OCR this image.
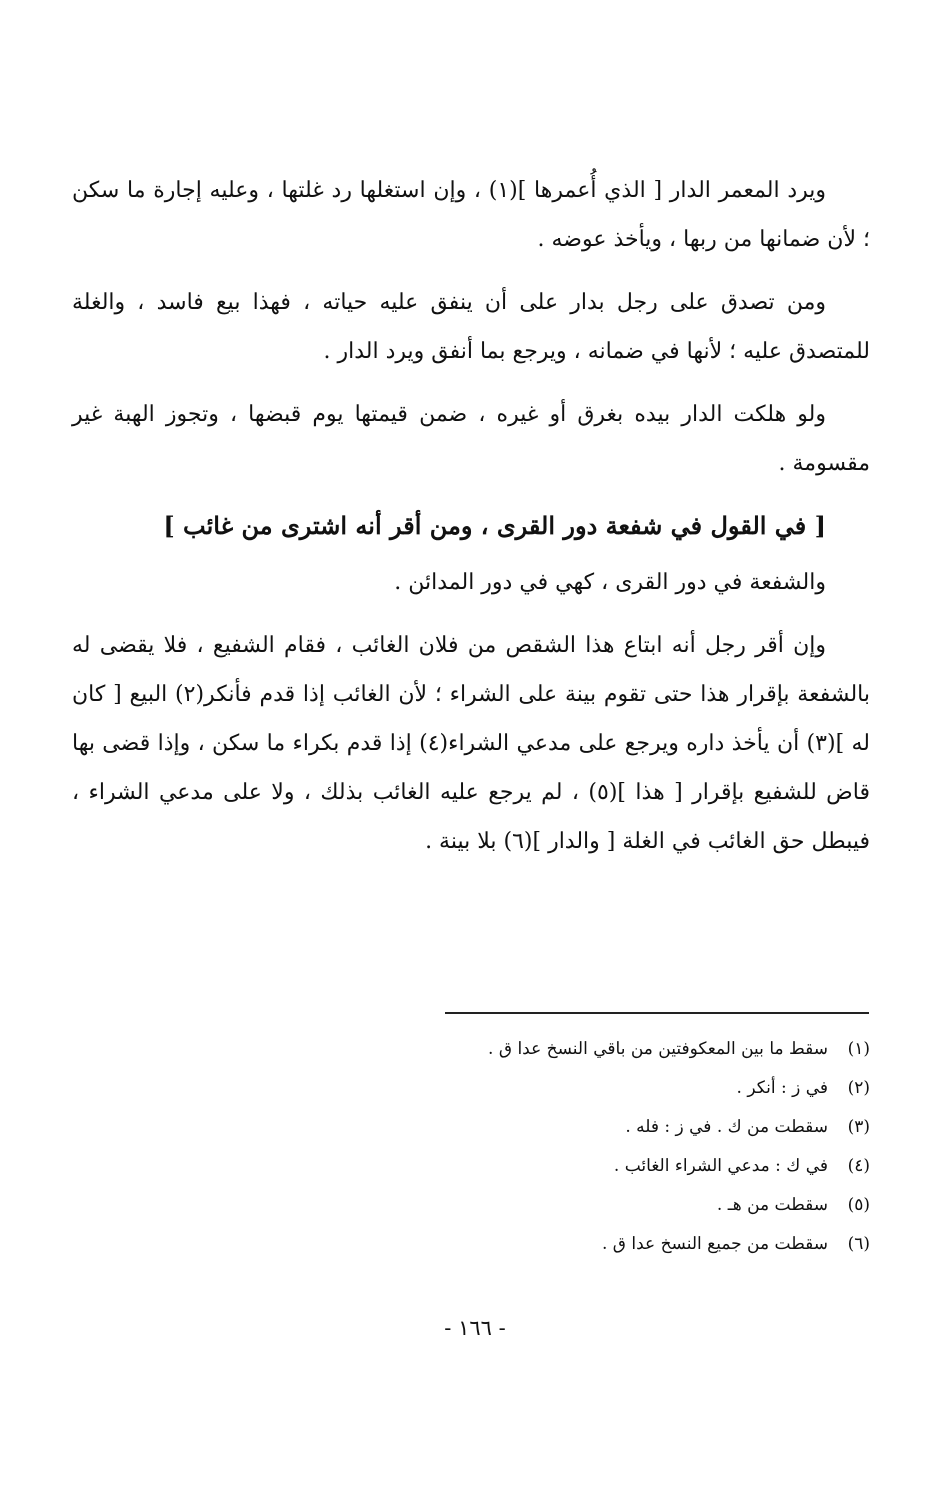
ويرد المعمر الدار [ الذي أُعمرها ](١) ، وإن استغلها رد غلتها ، وعليه إجارة ما سكن ؛ لأن ضمانها من ربها ، ويأخذ عوضه .

ومن تصدق على رجل بدار على أن ينفق عليه حياته ، فهذا بيع فاسد ، والغلة للمتصدق عليه ؛ لأنها في ضمانه ، ويرجع بما أنفق ويرد الدار .

ولو هلكت الدار بيده بغرق أو غيره ، ضمن قيمتها يوم قبضها ، وتجوز الهبة غير مقسومة .

[ في القول في شفعة دور القرى ، ومن أقر أنه اشترى من غائب ]

والشفعة في دور القرى ، كهي في دور المدائن .

وإن أقر رجل أنه ابتاع هذا الشقص من فلان الغائب ، فقام الشفيع ، فلا يقضى له بالشفعة بإقرار هذا حتى تقوم بينة على الشراء ؛ لأن الغائب إذا قدم فأنكر(٢) البيع [ كان له ](٣) أن يأخذ داره ويرجع على مدعي الشراء(٤) إذا قدم بكراء ما سكن ، وإذا قضى بها قاض للشفيع بإقرار [ هذا ](٥) ، لم يرجع عليه الغائب بذلك ، ولا على مدعي الشراء ، فيبطل حق الغائب في الغلة [ والدار ](٦) بلا بينة .

(١)
سقط ما بين المعكوفتين من باقي النسخ عدا ق .
(٢)
في ز : أنكر .
(٣)
سقطت من ك . في ز : فله .
(٤)
في ك : مدعي الشراء الغائب .
(٥)
سقطت من هـ .
(٦)
سقطت من جميع النسخ عدا ق .
- ١٦٦ -
